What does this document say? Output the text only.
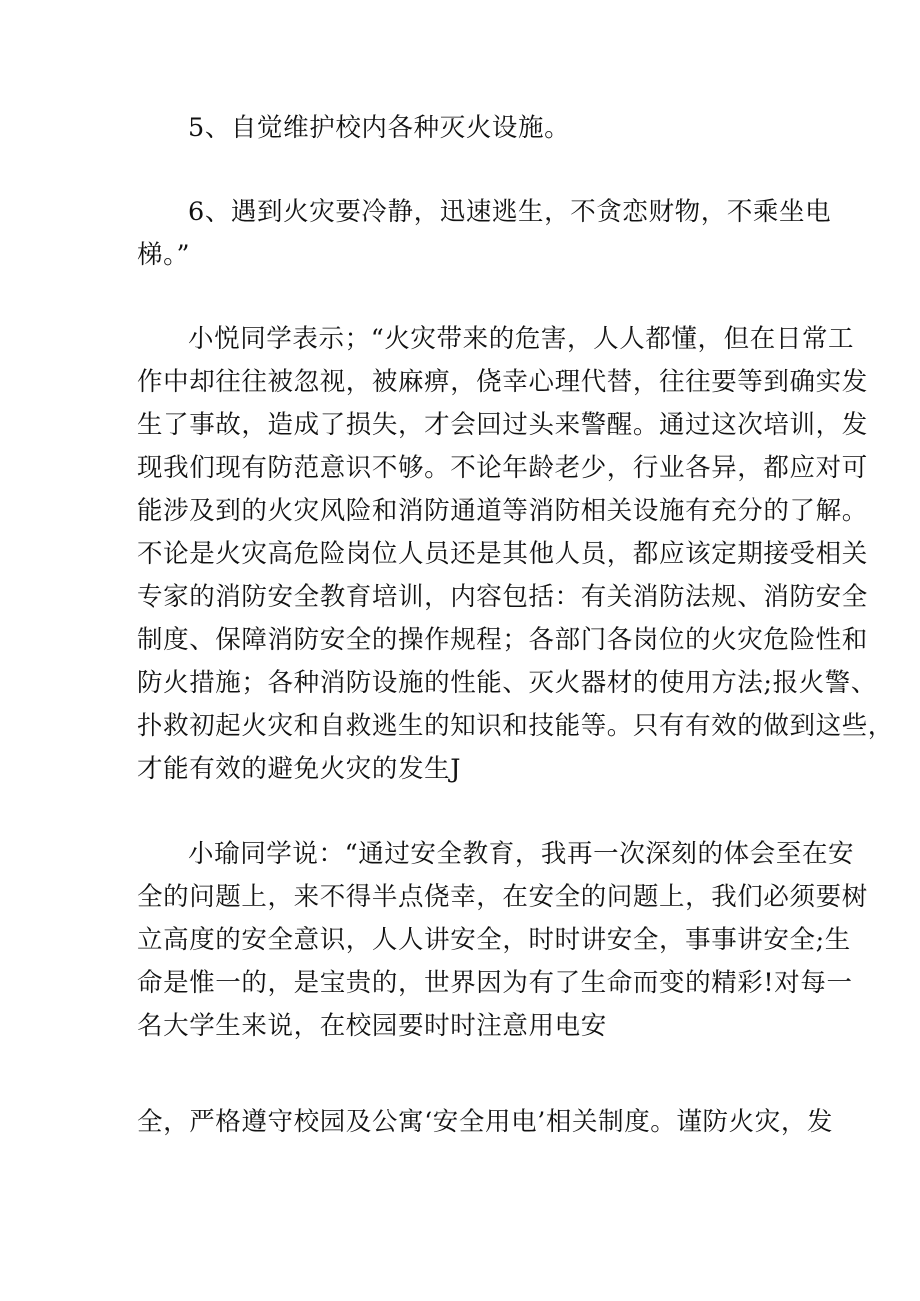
5、自觉维护校内各种灭火设施。
6、遇到火灾要冷静，迅速逃生，不贪恋财物，不乘坐电
梯。”
小悦同学表示；“火灾带来的危害，人人都懂，但在日常工
作中却往往被忽视，被麻痹，侥幸心理代替，往往要等到确实发
生了事故，造成了损失，才会回过头来警醒。通过这次培训，发
现我们现有防范意识不够。不论年龄老少，行业各异，都应对可
能涉及到的火灾风险和消防通道等消防相关设施有充分的了解。
不论是火灾高危险岗位人员还是其他人员，都应该定期接受相关
专家的消防安全教育培训，内容包括：有关消防法规、消防安全
制度、保障消防安全的操作规程；各部门各岗位的火灾危险性和
防火措施；各种消防设施的性能、灭火器材的使用方法;报火警、
扑救初起火灾和自救逃生的知识和技能等。只有有效的做到这些，
才能有效的避免火灾的发生J
小瑜同学说：“通过安全教育，我再一次深刻的体会至在安
全的问题上，来不得半点侥幸，在安全的问题上，我们必须要树
立高度的安全意识，人人讲安全，时时讲安全，事事讲安全;生
命是惟一的，是宝贵的，世界因为有了生命而变的精彩!对每一
名大学生来说，在校园要时时注意用电安
全，严格遵守校园及公寓‘安全用电’相关制度。谨防火灾，发
